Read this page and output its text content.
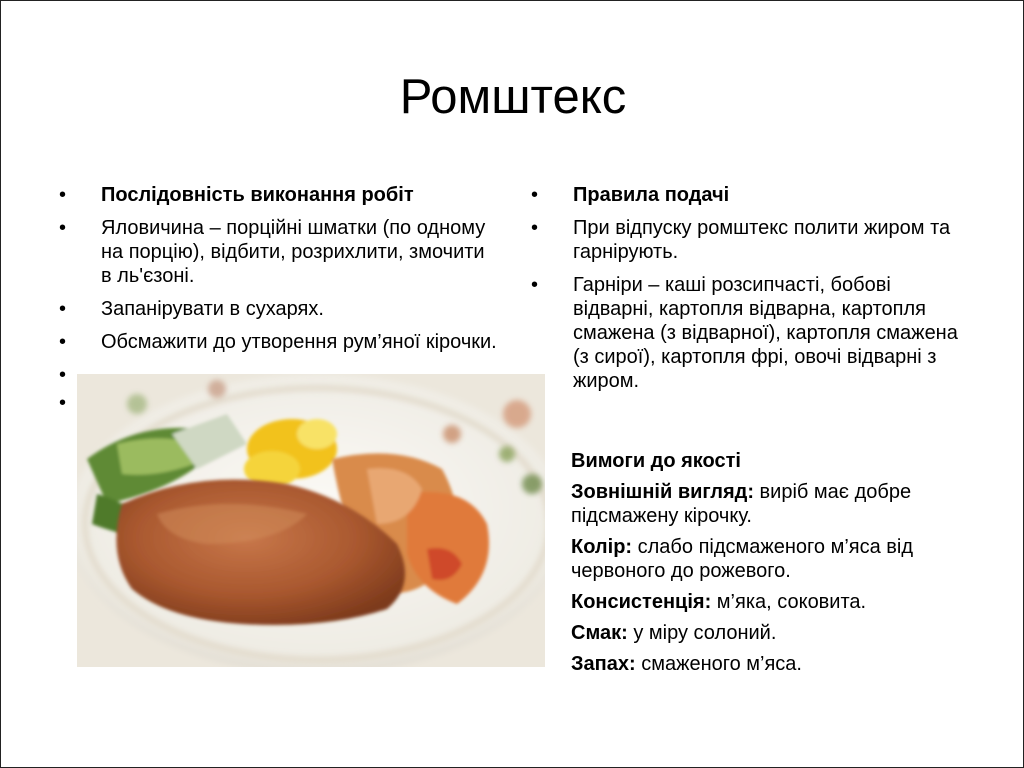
Ромштекс
•	Послідовність виконання робіт
•	Яловичина – порційні шматки (по одному на порцію), відбити, розрихлити, змочити в ль'єзоні.
•	Запанірувати в сухарях.
•	Обсмажити до утворення рум’яної кірочки.
•
•
•	Правила подачі
•	При відпуску ромштекс полити жиром та гарнірують.
•	Гарніри – каші розсипчасті, бобові відварні, картопля відварна, картопля смажена (з відварної), картопля смажена (з сирої), картопля фрі, овочі відварні з жиром.

Вимоги до якості

Зовнішній вигляд: виріб має добре підсмажену кірочку.

Колір: слабо підсмаженого м’яса від червоного до рожевого.

Консистенція: м’яка, соковита.

Смак: у міру солоний.

Запах: смаженого м’яса.
